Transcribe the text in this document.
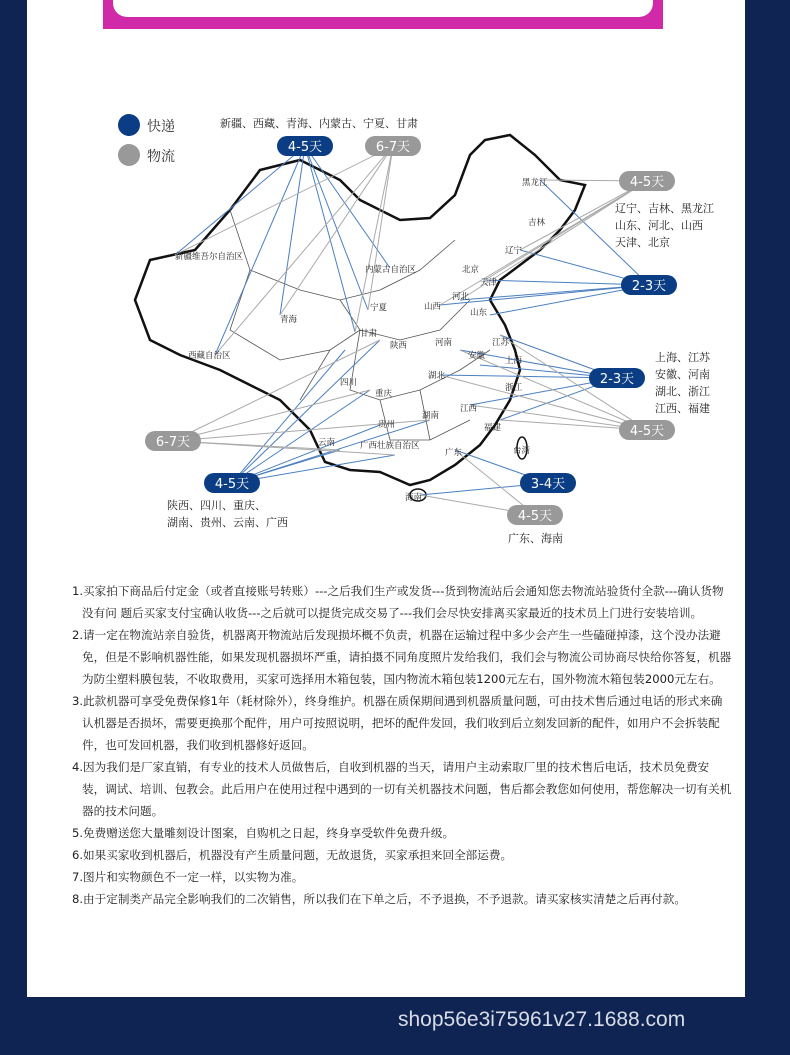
快递
物流
黑龙江
吉林
辽宁
新疆维吾尔自治区
内蒙古自治区
青海
西藏自治区
甘肃
宁夏
陕西
山西
河北
北京
天津
山东
河南	江苏
安徽
湖北
上海
浙江
四川
重庆
湖南
江西
福建
贵州
云南	广西壮族自治区
广东	台湾
海南
4-5天	6-7天
4-5天
2-3天
2-3天
4-5天
6-7天
4-5天	3-4天
4-5天
新疆、西藏、青海、内蒙古、宁夏、甘肃
辽宁、吉林、黑龙江
山东、河北、山西
天津、北京
上海、江苏
安徽、河南
湖北、浙江
江西、福建
陕西、四川、重庆、
湖南、贵州、云南、广西
广东、海南

1.买家拍下商品后付定金（或者直接账号转账）---之后我们生产或发货---货到物流站后会通知您去物流站验货付全款---确认货物没有问 题后买家支付宝确认收货---之后就可以提货完成交易了---我们会尽快安排离买家最近的技术员上门进行安装培训。

2.请一定在物流站亲自验货，机器离开物流站后发现损坏概不负责，机器在运输过程中多少会产生一些磕碰掉漆，这个没办法避免，但是不影响机器性能，如果发现机器损坏严重，请拍摄不同角度照片发给我们，我们会与物流公司协商尽快给你答复，机器为防尘塑料膜包装，不收取费用，买家可选择用木箱包装，国内物流木箱包装1200元左右，国外物流木箱包装2000元左右。

3.此款机器可享受免费保修1年（耗材除外），终身维护。机器在质保期间遇到机器质量问题，可由技术售后通过电话的形式来确认机器是否损坏，需要更换那个配件，用户可按照说明，把坏的配件发回，我们收到后立刻发回新的配件，如用户不会拆装配件，也可发回机器，我们收到机器修好返回。

4.因为我们是厂家直销，有专业的技术人员做售后，自收到机器的当天，请用户主动索取厂里的技术售后电话，技术员免费安装，调试、培训、包教会。此后用户在使用过程中遇到的一切有关机器技术问题，售后都会教您如何使用，帮您解决一切有关机器的技术问题。

5.免费赠送您大量雕刻设计图案，自购机之日起，终身享受软件免费升级。

6.如果买家收到机器后，机器没有产生质量问题，无故退货，买家承担来回全部运费。

7.图片和实物颜色不一定一样，以实物为准。

8.由于定制类产品完全影响我们的二次销售，所以我们在下单之后，不予退换，不予退款。请买家核实清楚之后再付款。

shop56e3i75961v27.1688.com
